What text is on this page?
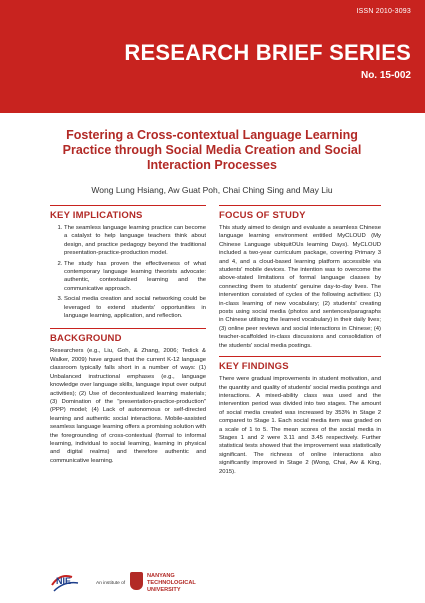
ISSN 2010-3093
RESEARCH BRIEF SERIES
No. 15-002
Fostering a Cross-contextual Language Learning Practice through Social Media Creation and Social Interaction Processes
Wong Lung Hsiang, Aw Guat Poh, Chai Ching Sing and May Liu
KEY IMPLICATIONS
1. The seamless language learning practice can become a catalyst to help language teachers think about design, and practice pedagogy beyond the traditional presentation-practice-production model.
2. The study has proven the effectiveness of what contemporary language learning theorists advocate: authentic, contextualized learning and the communicative approach.
3. Social media creation and social networking could be leveraged to extend students' opportunities in language learning, application, and reflection.
BACKGROUND
Researchers (e.g., Liu, Goh, & Zhang, 2006; Tedick & Walker, 2009) have argued that the current K-12 language classroom typically falls short in a number of ways: (1) Unbalanced instructional emphases (e.g., language knowledge over language skills, language input over output activities); (2) Use of decontextualized learning materials; (3) Domination of the "presentation-practice-production" (PPP) model; (4) Lack of autonomous or self-directed learning and authentic social interactions. Mobile-assisted seamless language learning offers a promising solution with the foregrounding of cross-contextual (formal to informal learning, individual to social learning, learning in physical and digital realms) and therefore authentic and communicative learning.
FOCUS OF STUDY
This study aimed to design and evaluate a seamless Chinese language learning environment entitled MyCLOUD (My Chinese Language ubiquitOUs learning Days). MyCLOUD included a two-year curriculum package, covering Primary 3 and 4, and a cloud-based learning platform accessible via students' mobile devices. The intention was to overcome the above-stated limitations of formal language classes by connecting them to students' genuine day-to-day lives. The intervention consisted of cycles of the following activities: (1) in-class learning of new vocabulary; (2) students' creating posts using social media (photos and sentences/paragraphs in Chinese utilising the learned vocabulary) in their daily lives; (3) online peer reviews and social interactions in Chinese; (4) teacher-scaffolded in-class discussions and consolidation of the students' social media postings.
KEY FINDINGS
There were gradual improvements in student motivation, and the quantity and quality of students' social media postings and interactions. A mixed-ability class was used and the intervention period was divided into two stages. The amount of social media created was increased by 353% in Stage 2 compared to Stage 1. Each social media item was graded on a scale of 1 to 5. The mean scores of the social media in Stages 1 and 2 were 3.11 and 3.45 respectively. Further statistical tests showed that the improvement was statistically significant. The richness of online interactions also significantly improved in Stage 2 (Wong, Chai, Aw & King, 2015).
NIE	An institute of
NANYANG
TECHNOLOGICAL
UNIVERSITY
